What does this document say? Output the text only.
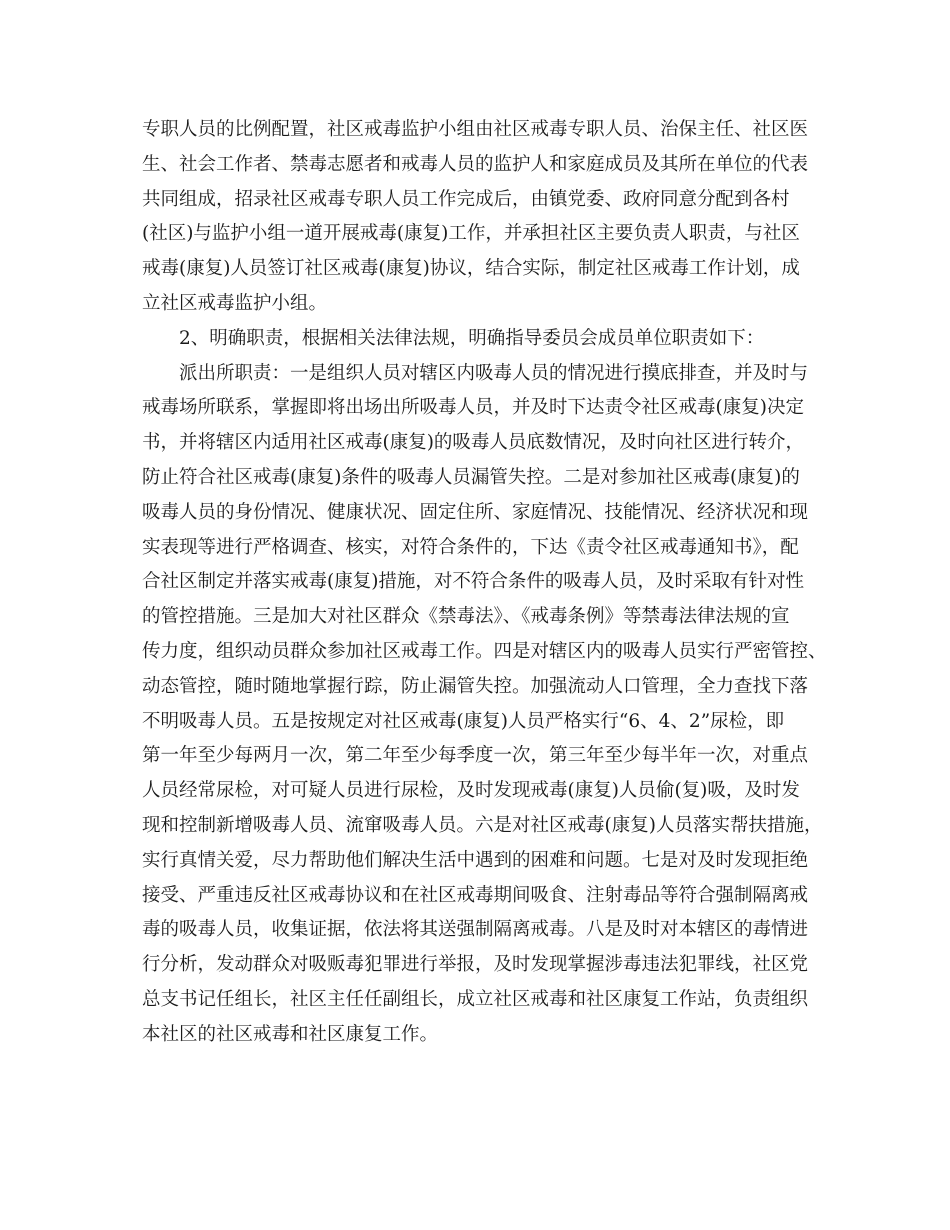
专职人员的比例配置，社区戒毒监护小组由社区戒毒专职人员、治保主任、社区医
生、社会工作者、禁毒志愿者和戒毒人员的监护人和家庭成员及其所在单位的代表
共同组成，招录社区戒毒专职人员工作完成后，由镇党委、政府同意分配到各村
(社区)与监护小组一道开展戒毒(康复)工作，并承担社区主要负责人职责，与社区
戒毒(康复)人员签订社区戒毒(康复)协议，结合实际，制定社区戒毒工作计划，成
立社区戒毒监护小组。
2、明确职责，根据相关法律法规，明确指导委员会成员单位职责如下：
派出所职责：一是组织人员对辖区内吸毒人员的情况进行摸底排查，并及时与
戒毒场所联系，掌握即将出场出所吸毒人员，并及时下达责令社区戒毒(康复)决定
书，并将辖区内适用社区戒毒(康复)的吸毒人员底数情况，及时向社区进行转介，
防止符合社区戒毒(康复)条件的吸毒人员漏管失控。二是对参加社区戒毒(康复)的
吸毒人员的身份情况、健康状况、固定住所、家庭情况、技能情况、经济状况和现
实表现等进行严格调查、核实，对符合条件的，下达《责令社区戒毒通知书》，配
合社区制定并落实戒毒(康复)措施，对不符合条件的吸毒人员，及时采取有针对性
的管控措施。三是加大对社区群众《禁毒法》、《戒毒条例》等禁毒法律法规的宣
传力度，组织动员群众参加社区戒毒工作。四是对辖区内的吸毒人员实行严密管控、
动态管控，随时随地掌握行踪，防止漏管失控。加强流动人口管理，全力查找下落
不明吸毒人员。五是按规定对社区戒毒(康复)人员严格实行“6、4、2”尿检，即
第一年至少每两月一次，第二年至少每季度一次，第三年至少每半年一次，对重点
人员经常尿检，对可疑人员进行尿检，及时发现戒毒(康复)人员偷(复)吸，及时发
现和控制新增吸毒人员、流窜吸毒人员。六是对社区戒毒(康复)人员落实帮扶措施，
实行真情关爱，尽力帮助他们解决生活中遇到的困难和问题。七是对及时发现拒绝
接受、严重违反社区戒毒协议和在社区戒毒期间吸食、注射毒品等符合强制隔离戒
毒的吸毒人员，收集证据，依法将其送强制隔离戒毒。八是及时对本辖区的毒情进
行分析，发动群众对吸贩毒犯罪进行举报，及时发现掌握涉毒违法犯罪线，社区党
总支书记任组长，社区主任任副组长，成立社区戒毒和社区康复工作站，负责组织
本社区的社区戒毒和社区康复工作。
